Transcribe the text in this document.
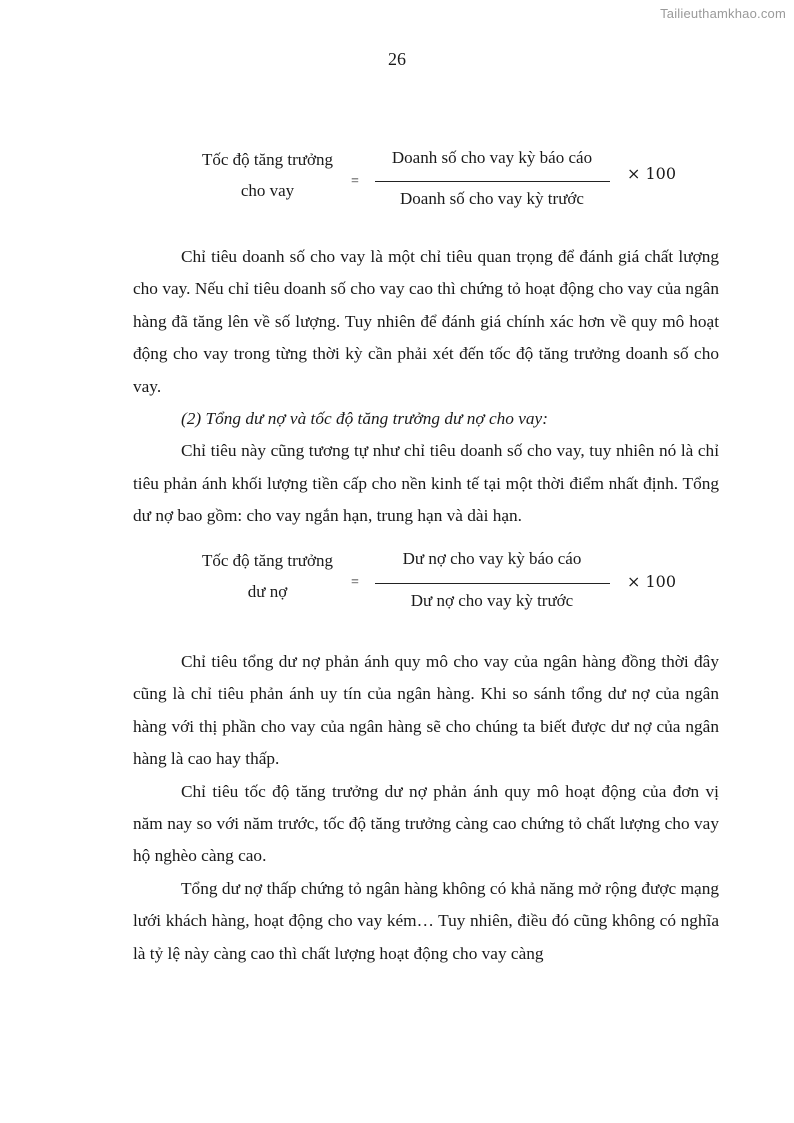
Tailieuthamkhao.com
26
Tốc độ tăng trưởng
cho vay	=
Doanh số cho vay kỳ báo cáo
Doanh số cho vay kỳ trước
× 100

Chỉ tiêu doanh số cho vay là một chỉ tiêu quan trọng để đánh giá chất lượng cho vay. Nếu chỉ tiêu doanh số cho vay cao thì chứng tỏ hoạt động cho vay của ngân hàng đã tăng lên về số lượng. Tuy nhiên để đánh giá chính xác hơn về quy mô hoạt động cho vay trong từng thời kỳ cần phải xét đến tốc độ tăng trưởng doanh số cho vay.

(2) Tổng dư nợ và tốc độ tăng trưởng dư nợ cho vay:

Chỉ tiêu này cũng tương tự như chỉ tiêu doanh số cho vay, tuy nhiên nó là chỉ tiêu phản ánh khối lượng tiền cấp cho nền kinh tế tại một thời điểm nhất định. Tổng dư nợ bao gồm: cho vay ngắn hạn, trung hạn và dài hạn.

Tốc độ tăng trưởng
dư nợ	=
Dư nợ cho vay kỳ báo cáo
Dư nợ cho vay kỳ trước
× 100

Chỉ tiêu tổng dư nợ phản ánh quy mô cho vay của ngân hàng đồng thời đây cũng là chỉ tiêu phản ánh uy tín của ngân hàng. Khi so sánh tổng dư nợ của ngân hàng với thị phần cho vay của ngân hàng sẽ cho chúng ta biết được dư nợ của ngân hàng là cao hay thấp.

Chỉ tiêu tốc độ tăng trưởng dư nợ phản ánh quy mô hoạt động của đơn vị năm nay so với năm trước, tốc độ tăng trưởng càng cao chứng tỏ chất lượng cho vay hộ nghèo càng cao.

Tổng dư nợ thấp chứng tỏ ngân hàng không có khả năng mở rộng được mạng lưới khách hàng, hoạt động cho vay kém… Tuy nhiên, điều đó cũng không có nghĩa là tỷ lệ này càng cao thì chất lượng hoạt động cho vay càng
